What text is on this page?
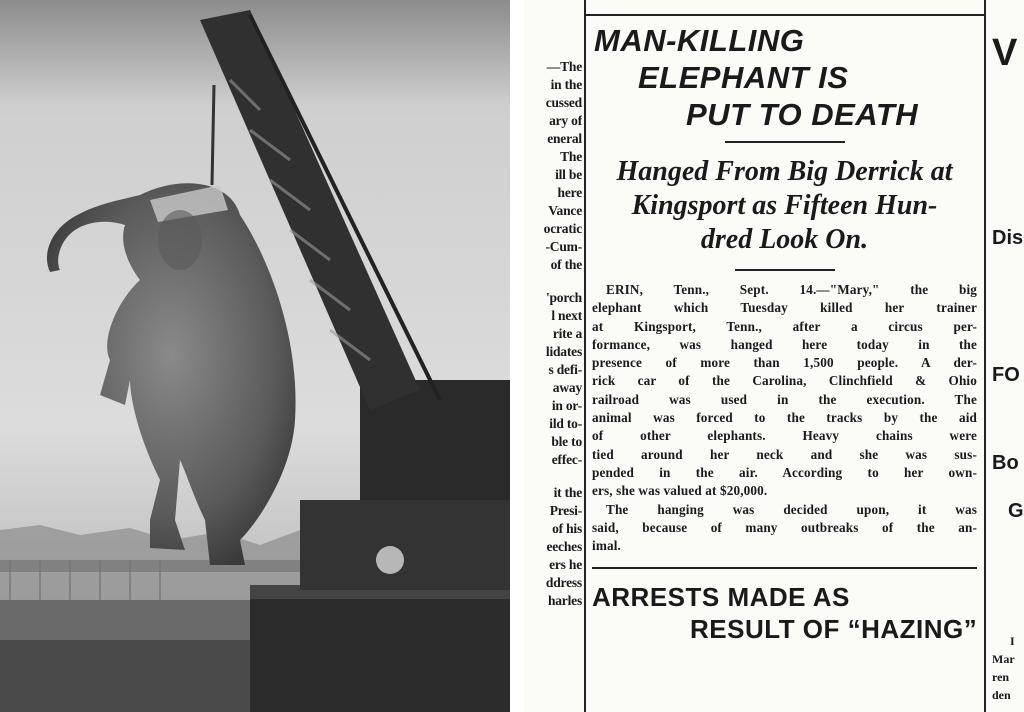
—The
in the
cussed
ary of
eneral
The
ill be
here
Vance
ocratic
-Cum-
of the
'porch
l next
rite a
lidates
s defi-
away
in or-
ild to-
ble to
effec-
it the
Presi-
of his
eeches
ers he
ddress
harles
MAN-KILLING
ELEPHANT IS
PUT TO DEATH
Hanged From Big Derrick at
Kingsport as Fifteen Hun-
dred Look On.
ERIN, Tenn., Sept. 14.—"Mary," the big
elephant which Tuesday killed her trainer
at Kingsport, Tenn., after a circus per-
formance, was hanged here today in the
presence of more than 1,500 people. A der-
rick car of the Carolina, Clinchfield & Ohio
railroad was used in the execution. The
animal was forced to the tracks by the aid
of other elephants. Heavy chains were
tied around her neck and she was sus-
pended in the air. According to her own-
ers, she was valued at $20,000.
The hanging was decided upon, it was
said, because of many outbreaks of the an-
imal.
ARRESTS MADE AS
RESULT OF “HAZING”
V
Dis
FO
Bo
G
I
Mar
ren
den
